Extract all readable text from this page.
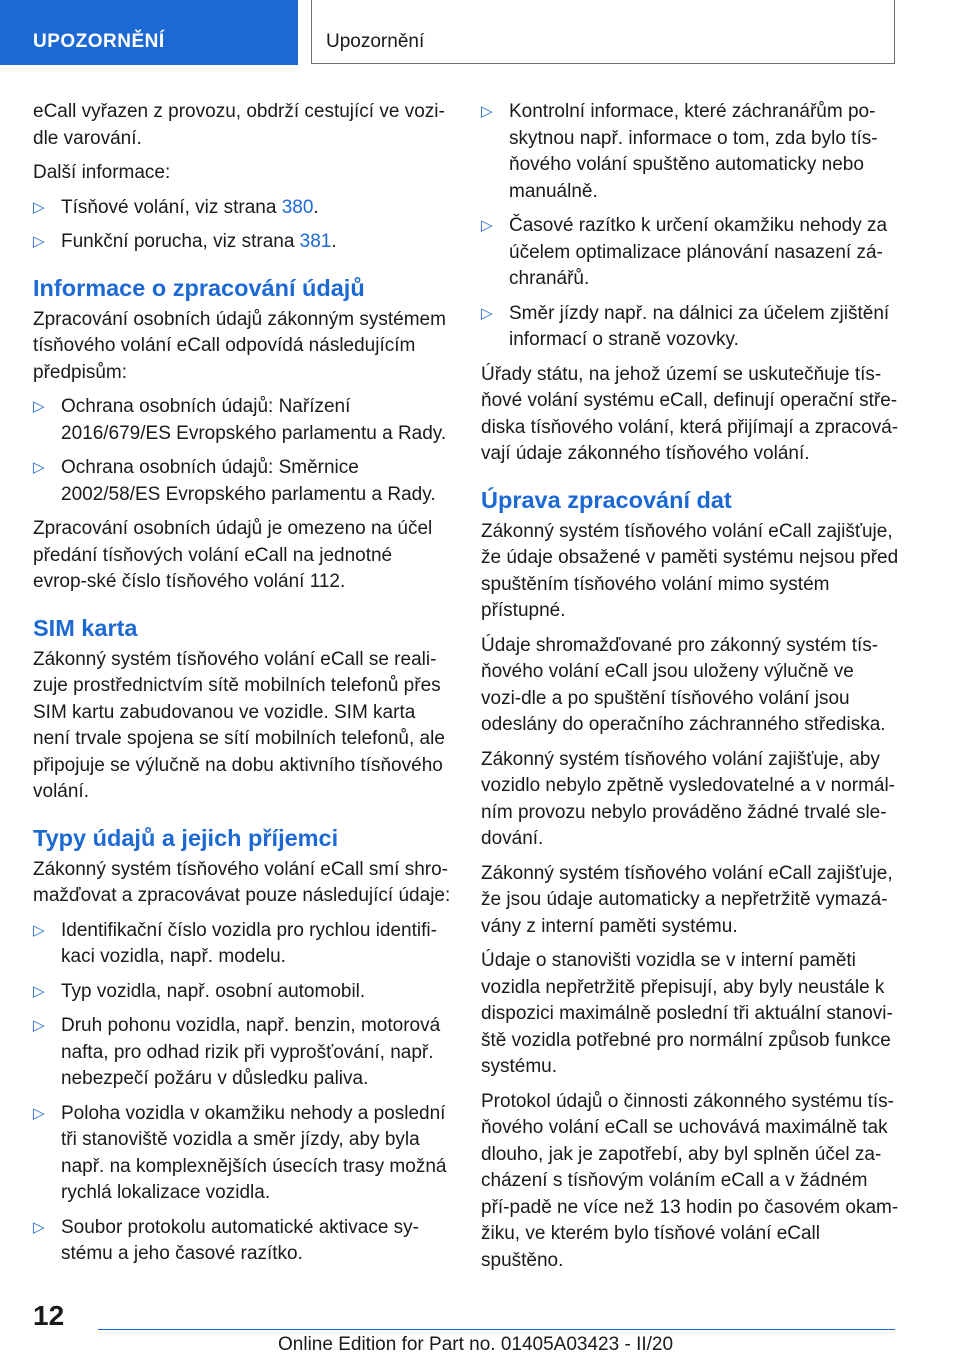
UPOZORNĚNÍ	Upozornění

eCall vyřazen z provozu, obdrží cestující ve vozi-dle varování.

Další informace:

▷ Tísňové volání, viz strana 380.
▷ Funkční porucha, viz strana 381.
Informace o zpracování údajů

Zpracování osobních údajů zákonným systémem tísňového volání eCall odpovídá následujícím předpisům:

▷ Ochrana osobních údajů: Nařízení 2016/679/ES Evropského parlamentu a Rady.
▷ Ochrana osobních údajů: Směrnice 2002/58/ES Evropského parlamentu a Rady.

Zpracování osobních údajů je omezeno na účel předání tísňových volání eCall na jednotné evrop-ské číslo tísňového volání 112.

SIM karta

Zákonný systém tísňového volání eCall se reali-zuje prostřednictvím sítě mobilních telefonů přes SIM kartu zabudovanou ve vozidle. SIM karta není trvale spojena se sítí mobilních telefonů, ale připojuje se výlučně na dobu aktivního tísňového volání.

Typy údajů a jejich příjemci

Zákonný systém tísňového volání eCall smí shro-mažďovat a zpracovávat pouze následující údaje:

▷ Identifikační číslo vozidla pro rychlou identifi-kaci vozidla, např. modelu.
▷ Typ vozidla, např. osobní automobil.
▷ Druh pohonu vozidla, např. benzin, motorová nafta, pro odhad rizik při vyprošťování, např. nebezpečí požáru v důsledku paliva.
▷ Poloha vozidla v okamžiku nehody a poslední tři stanoviště vozidla a směr jízdy, aby byla např. na komplexnějších úsecích trasy možná rychlá lokalizace vozidla.
▷ Soubor protokolu automatické aktivace sy-stému a jeho časové razítko.
▷ Kontrolní informace, které záchranářům po-skytnou např. informace o tom, zda bylo tís-ňového volání spuštěno automaticky nebo manuálně.
▷ Časové razítko k určení okamžiku nehody za účelem optimalizace plánování nasazení zá-chranářů.
▷ Směr jízdy např. na dálnici za účelem zjištění informací o straně vozovky.

Úřady státu, na jehož území se uskutečňuje tís-ňové volání systému eCall, definují operační stře-diska tísňového volání, která přijímají a zpracová-vají údaje zákonného tísňového volání.

Úprava zpracování dat

Zákonný systém tísňového volání eCall zajišťuje, že údaje obsažené v paměti systému nejsou před spuštěním tísňového volání mimo systém přístupné.

Údaje shromažďované pro zákonný systém tís-ňového volání eCall jsou uloženy výlučně ve vozi-dle a po spuštění tísňového volání jsou odeslány do operačního záchranného střediska.

Zákonný systém tísňového volání zajišťuje, aby vozidlo nebylo zpětně vysledovatelné a v normál-ním provozu nebylo prováděno žádné trvalé sle-dování.

Zákonný systém tísňového volání eCall zajišťuje, že jsou údaje automaticky a nepřetržitě vymazá-vány z interní paměti systému.

Údaje o stanovišti vozidla se v interní paměti vozidla nepřetržitě přepisují, aby byly neustále k dispozici maximálně poslední tři aktuální stanovi-ště vozidla potřebné pro normální způsob funkce systému.

Protokol údajů o činnosti zákonného systému tís-ňového volání eCall se uchovává maximálně tak dlouho, jak je zapotřebí, aby byl splněn účel za-cházení s tísňovým voláním eCall a v žádném pří-padě ne více než 13 hodin po časovém okam-žiku, ve kterém bylo tísňové volání eCall spuštěno.

12
Online Edition for Part no. 01405A03423 - II/20
